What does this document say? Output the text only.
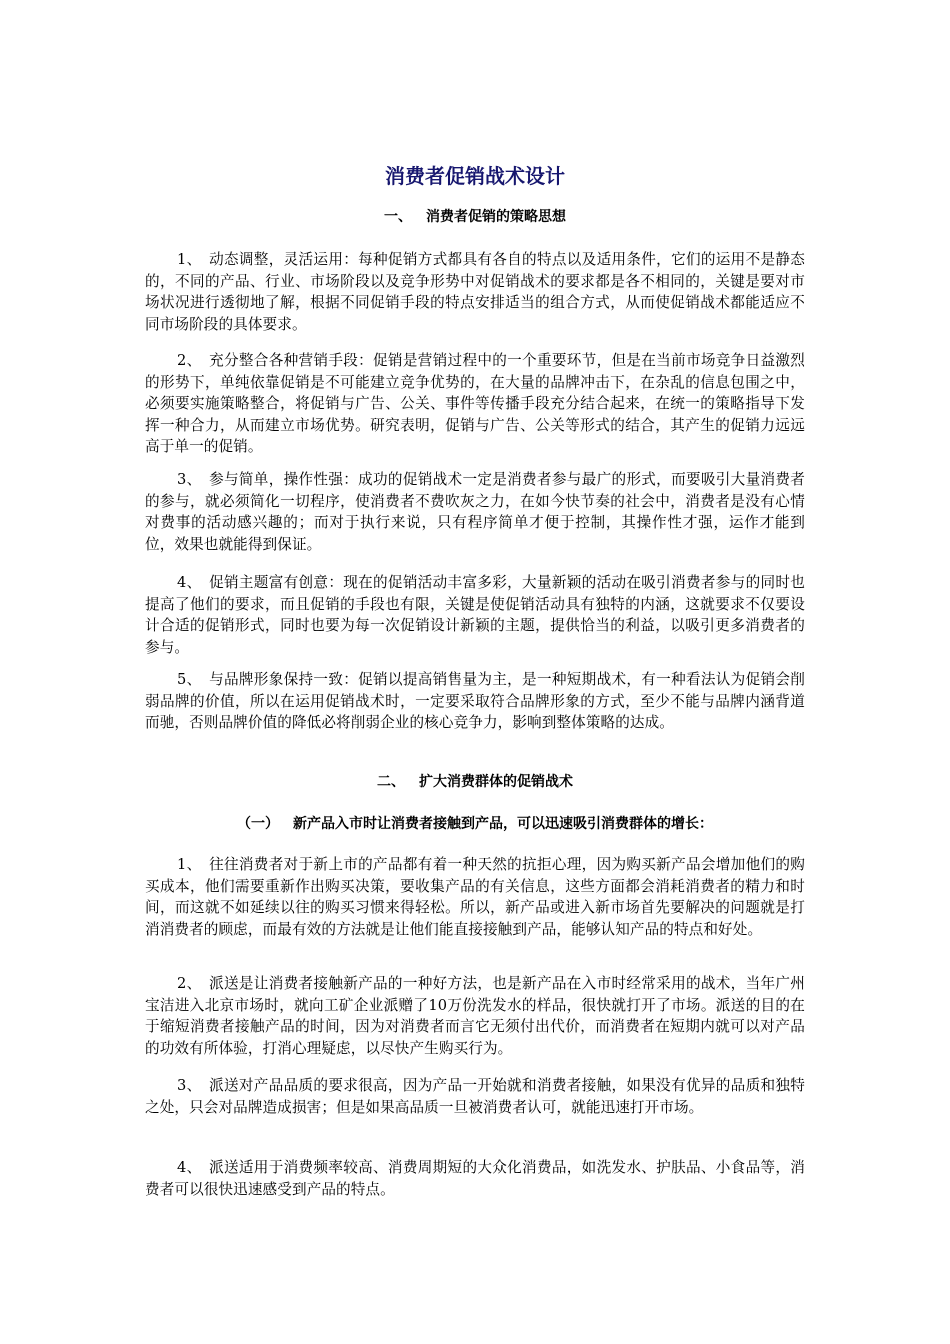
消费者促销战术设计
一、 消费者促销的策略思想

1、　动态调整，灵活运用：每种促销方式都具有各自的特点以及适用条件，它们的运用不是静态的，不同的产品、行业、市场阶段以及竞争形势中对促销战术的要求都是各不相同的，关键是要对市场状况进行透彻地了解，根据不同促销手段的特点安排适当的组合方式，从而使促销战术都能适应不同市场阶段的具体要求。

2、　充分整合各种营销手段：促销是营销过程中的一个重要环节，但是在当前市场竞争日益激烈的形势下，单纯依靠促销是不可能建立竞争优势的，在大量的品牌冲击下，在杂乱的信息包围之中，必须要实施策略整合，将促销与广告、公关、事件等传播手段充分结合起来，在统一的策略指导下发挥一种合力，从而建立市场优势。研究表明，促销与广告、公关等形式的结合，其产生的促销力远远高于单一的促销。

3、　参与简单，操作性强：成功的促销战术一定是消费者参与最广的形式，而要吸引大量消费者的参与，就必须简化一切程序，使消费者不费吹灰之力，在如今快节奏的社会中，消费者是没有心情对费事的活动感兴趣的；而对于执行来说，只有程序简单才便于控制，其操作性才强，运作才能到位，效果也就能得到保证。

4、　促销主题富有创意：现在的促销活动丰富多彩，大量新颖的活动在吸引消费者参与的同时也提高了他们的要求，而且促销的手段也有限，关键是使促销活动具有独特的内涵，这就要求不仅要设计合适的促销形式，同时也要为每一次促销设计新颖的主题，提供恰当的利益，以吸引更多消费者的参与。

5、　与品牌形象保持一致：促销以提高销售量为主，是一种短期战术，有一种看法认为促销会削弱品牌的价值，所以在运用促销战术时，一定要采取符合品牌形象的方式，至少不能与品牌内涵背道而驰，否则品牌价值的降低必将削弱企业的核心竞争力，影响到整体策略的达成。

二、 扩大消费群体的促销战术
（一） 新产品入市时让消费者接触到产品，可以迅速吸引消费群体的增长：

1、　往往消费者对于新上市的产品都有着一种天然的抗拒心理，因为购买新产品会增加他们的购买成本，他们需要重新作出购买决策，要收集产品的有关信息，这些方面都会消耗消费者的精力和时间，而这就不如延续以往的购买习惯来得轻松。所以，新产品或进入新市场首先要解决的问题就是打消消费者的顾虑，而最有效的方法就是让他们能直接接触到产品，能够认知产品的特点和好处。

2、　派送是让消费者接触新产品的一种好方法，也是新产品在入市时经常采用的战术，当年广州宝洁进入北京市场时，就向工矿企业派赠了10万份洗发水的样品，很快就打开了市场。派送的目的在于缩短消费者接触产品的时间，因为对消费者而言它无须付出代价，而消费者在短期内就可以对产品的功效有所体验，打消心理疑虑，以尽快产生购买行为。

3、　派送对产品品质的要求很高，因为产品一开始就和消费者接触，如果没有优异的品质和独特之处，只会对品牌造成损害；但是如果高品质一旦被消费者认可，就能迅速打开市场。

4、　派送适用于消费频率较高、消费周期短的大众化消费品，如洗发水、护肤品、小食品等，消费者可以很快迅速感受到产品的特点。
